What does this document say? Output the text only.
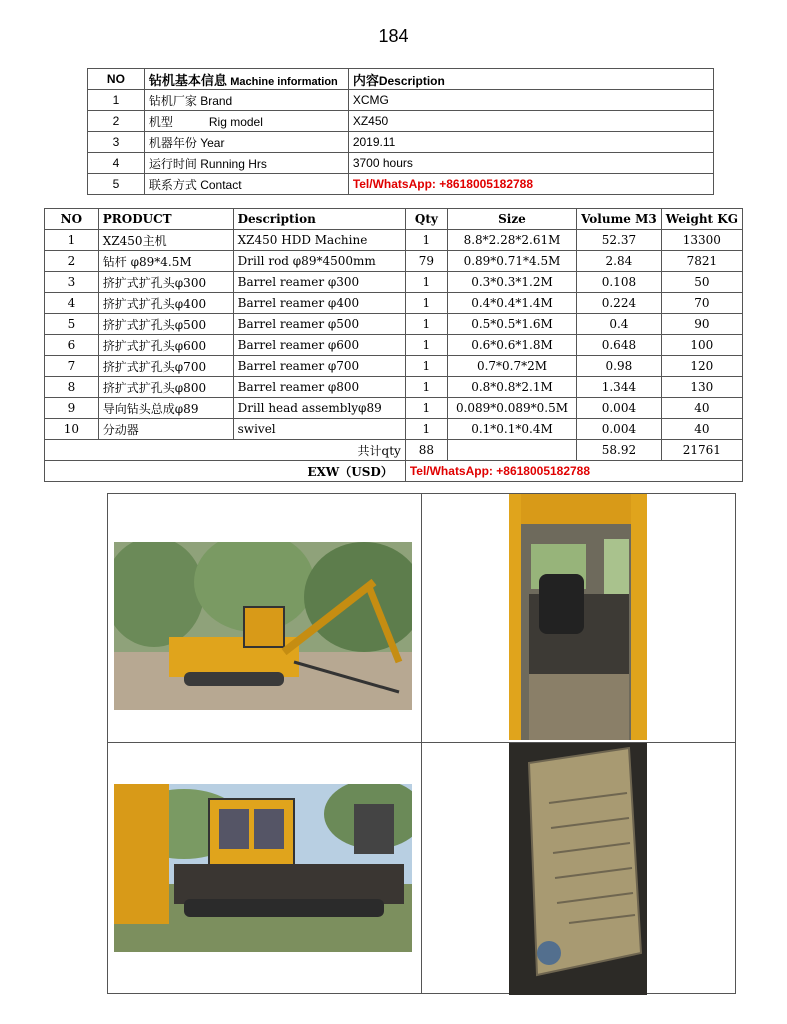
184
NO	钻机基本信息 Machine information	内容Description
1	钻机厂家 Brand	XCMG
2	机型 Rig model	XZ450
3	机器年份 Year	2019.11
4	运行时间 Running Hrs	3700 hours
5	联系方式 Contact	Tel/WhatsApp: +8618005182788
NO	PRODUCT	Description	Qty	Size	Volume M3	Weight KG
1	XZ450主机	XZ450 HDD Machine	1	8.8*2.28*2.61M	52.37	13300
2	钻杆 φ89*4.5M	Drill rod φ89*4500mm	79	0.89*0.71*4.5M	2.84	7821
3	挤扩式扩孔头φ300	Barrel reamer φ300	1	0.3*0.3*1.2M	0.108	50
4	挤扩式扩孔头φ400	Barrel reamer φ400	1	0.4*0.4*1.4M	0.224	70
5	挤扩式扩孔头φ500	Barrel reamer φ500	1	0.5*0.5*1.6M	0.4	90
6	挤扩式扩孔头φ600	Barrel reamer φ600	1	0.6*0.6*1.8M	0.648	100
7	挤扩式扩孔头φ700	Barrel reamer φ700	1	0.7*0.7*2M	0.98	120
8	挤扩式扩孔头φ800	Barrel reamer φ800	1	0.8*0.8*2.1M	1.344	130
9	导向钻头总成φ89	Drill head assemblyφ89	1	0.089*0.089*0.5M	0.004	40
10	分动器	swivel	1	0.1*0.1*0.4M	0.004	40
共计qty			88		58.92	21761
EXW（USD）			Tel/WhatsApp: +8618005182788			
